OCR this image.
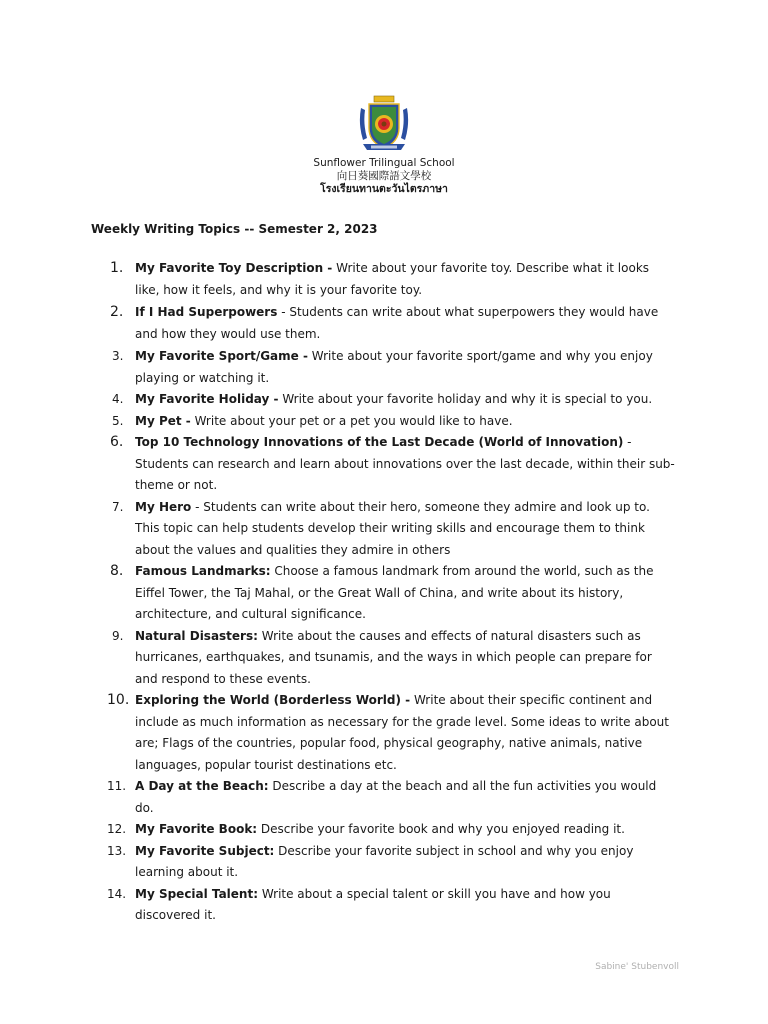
Sunflower Trilingual School
向日葵國際語文學校
โรงเรียนทานตะวันไตรภาษา
Weekly Writing Topics -- Semester 2, 2023
1. My Favorite Toy Description - Write about your favorite toy. Describe what it looks like, how it feels, and why it is your favorite toy.
2. If I Had Superpowers - Students can write about what superpowers they would have and how they would use them.
3. My Favorite Sport/Game - Write about your favorite sport/game and why you enjoy playing or watching it.
4. My Favorite Holiday - Write about your favorite holiday and why it is special to you.
5. My Pet - Write about your pet or a pet you would like to have.
6. Top 10 Technology Innovations of the Last Decade (World of Innovation) - Students can research and learn about innovations over the last decade, within their sub-theme or not.
7. My Hero - Students can write about their hero, someone they admire and look up to. This topic can help students develop their writing skills and encourage them to think about the values and qualities they admire in others
8. Famous Landmarks: Choose a famous landmark from around the world, such as the Eiffel Tower, the Taj Mahal, or the Great Wall of China, and write about its history, architecture, and cultural significance.
9. Natural Disasters: Write about the causes and effects of natural disasters such as hurricanes, earthquakes, and tsunamis, and the ways in which people can prepare for and respond to these events.
10. Exploring the World (Borderless World) - Write about their specific continent and include as much information as necessary for the grade level. Some ideas to write about are; Flags of the countries, popular food, physical geography, native animals, native languages, popular tourist destinations etc.
11. A Day at the Beach: Describe a day at the beach and all the fun activities you would do.
12. My Favorite Book: Describe your favorite book and why you enjoyed reading it.
13. My Favorite Subject: Describe your favorite subject in school and why you enjoy learning about it.
14. My Special Talent: Write about a special talent or skill you have and how you discovered it.
Sabine' Stubenvoll
